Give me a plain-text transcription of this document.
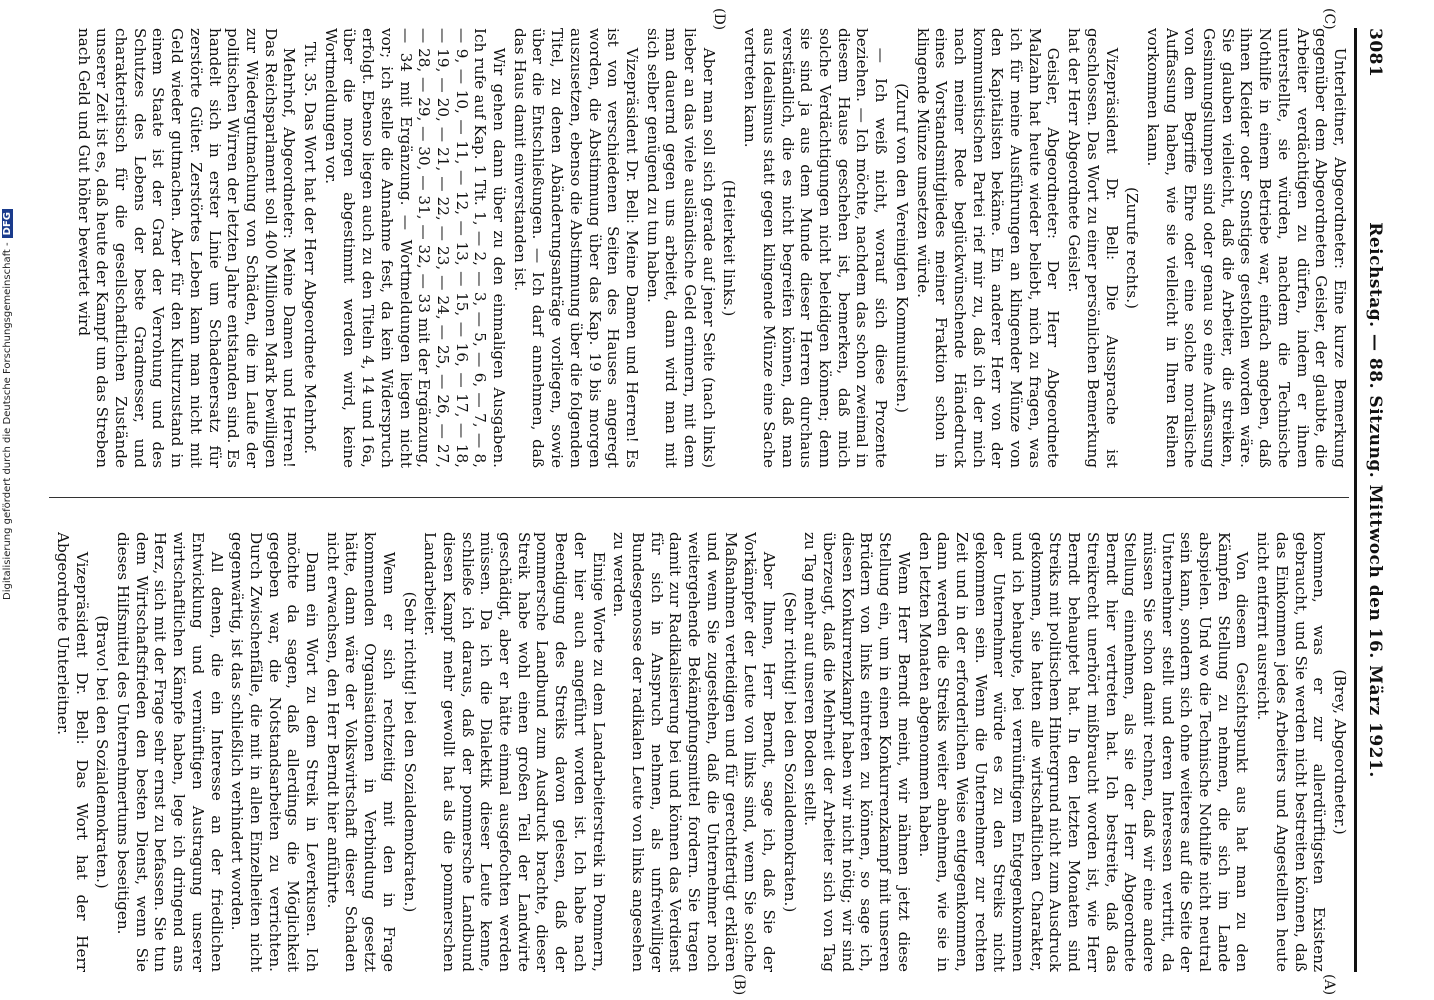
3081
Reichstag. — 88. Sitzung. Mittwoch den 16. März 1921.
(C)
(D)
(A)
(B)

Unterleitner, Abgeordneter: Eine kurze Bemerkung gegenüber dem Abgeordneten Geisler, der glaubte, die Arbeiter verdächtigen zu dürfen, indem er ihnen unterstellte, sie würden, nachdem die Technische Nothilfe in einem Betriebe war, einfach angeben, daß ihnen Kleider oder Sonstiges gestohlen worden wäre. Sie glauben vielleicht, daß die Arbeiter, die streiken, Gesinnungslumpen sind oder genau so eine Auffassung von dem Begriffe Ehre oder eine solche moralische Auffassung haben, wie sie vielleicht in Ihren Reihen vorkommen kann.

(Zurufe rechts.)

Vizepräsident Dr. Bell: Die Aussprache ist geschlossen. Das Wort zu einer persönlichen Bemerkung hat der Herr Abgeordnete Geisler.

Geisler, Abgeordneter: Der Herr Abgeordnete Malzahn hat heute wieder beliebt, mich zu fragen, was ich für meine Ausführungen an klingender Münze von den Kapitalisten bekäme. Ein anderer Herr von der kommunistischen Partei rief mir zu, daß ich der mich nach meiner Rede beglückwünschende Händedruck eines Vorstandsmitgliedes meiner Fraktion schon in klingende Münze umsetzen würde.

(Zuruf von den Vereinigten Kommunisten.)

— Ich weiß nicht, worauf sich diese Prozente beziehen. — Ich möchte, nachdem das schon zweimal in diesem Hause geschehen ist, bemerken, daß mich solche Verdächtigungen nicht beleidigen können; denn sie sind ja aus dem Munde dieser Herren durchaus verständlich, die es nicht begreifen können, daß man aus Idealismus statt gegen klingende Münze eine Sache vertreten kann.

(Heiterkeit links.)

Aber man soll sich gerade auf jener Seite (nach links) lieber an das viele ausländische Geld erinnern, mit dem man dauernd gegen uns arbeitet, dann wird man mit sich selber genügend zu tun haben.

Vizepräsident Dr. Bell: Meine Damen und Herren! Es ist von verschiedenen Seiten des Hauses angeregt worden, die Abstimmung über das Kap. 19 bis morgen auszusetzen, ebenso die Abstimmung über die folgenden Titel, zu denen Abänderungsanträge vorliegen, sowie über die Entschließungen. — Ich darf annehmen, daß das Haus damit einverstanden ist.

Wir gehen dann über zu den einmaligen Ausgaben. Ich rufe auf Kap. 1 Tit. 1, — 2, — 3, — 5, — 6, — 7, — 8, — 9, — 10, — 11, — 12, — 13, — 15, — 16, — 17, — 18, — 19, — 20, — 21, — 22, — 23, — 24, — 25, — 26, — 27, — 28, — 29, — 30, — 31, — 32, — 33 mit der Ergänzung, — 34 mit Ergänzung. — Wortmeldungen liegen nicht vor; ich stelle die Annahme fest, da kein Widerspruch erfolgt. Ebenso liegen auch zu den Titeln 4, 14 und 16a, über die morgen abgestimmt werden wird, keine Wortmeldungen vor.

Tit. 35. Das Wort hat der Herr Abgeordnete Mehrhof.

Mehrhof, Abgeordneter: Meine Damen und Herren! Das Reichsparlament soll 400 Millionen Mark bewilligen zur Wiedergutmachung von Schäden, die im Laufe der politischen Wirren der letzten Jahre entstanden sind. Es handelt sich in erster Linie um Schadenersatz für zerstörte Güter. Zerstörtes Leben kann man nicht mit Geld wieder gutmachen. Aber für den Kulturzustand in einem Staate ist der Grad der Verrohung und des Schutzes des Lebens der beste Gradmesser, und charakteristisch für die gesellschaftlichen Zustände unserer Zeit ist es, daß heute der Kampf um das Streben nach Geld und Gut höher bewertet wird

(Brey, Abgeordneter.)

kommen, was er zur allerdürftigsten Existenz gebraucht, und Sie werden nicht bestreiten können, daß das Einkommen jedes Arbeiters und Angestellten heute nicht entfernt ausreicht.

Von diesem Gesichtspunkt aus hat man zu den Kämpfen Stellung zu nehmen, die sich im Lande abspielen. Und wo die Technische Nothilfe nicht neutral sein kann, sondern sich ohne weiteres auf die Seite der Unternehmer stellt und deren Interessen vertritt, da müssen Sie schon damit rechnen, daß wir eine andere Stellung einnehmen, als sie der Herr Abgeordnete Berndt hier vertreten hat. Ich bestreite, daß das Streikrecht unerhört mißbraucht worden ist, wie Herr Berndt behauptet hat. In den letzten Monaten sind Streiks mit politischem Hintergrund nicht zum Ausdruck gekommen, sie hatten alle wirtschaftlichen Charakter, und ich behaupte, bei vernünftigem Entgegenkommen der Unternehmer würde es zu den Streiks nicht gekommen sein. Wenn die Unternehmer zur rechten Zeit und in der erforderlichen Weise entgegenkommen, dann werden die Streiks weiter abnehmen, wie sie in den letzten Monaten abgenommen haben.

Wenn Herr Berndt meint, wir nähmen jetzt diese Stellung ein, um in einen Konkurrenzkampf mit unseren Brüdern von links eintreten zu können, so sage ich, diesen Konkurrenzkampf haben wir nicht nötig; wir sind überzeugt, daß die Mehrheit der Arbeiter sich von Tag zu Tag mehr auf unseren Boden stellt.

(Sehr richtig! bei den Sozialdemokraten.)

Aber Ihnen, Herr Berndt, sage ich, daß Sie der Vorkämpfer der Leute von links sind, wenn Sie solche Maßnahmen verteidigen und für gerechtfertigt erklären und wenn Sie zugestehen, daß die Unternehmer noch weitergehende Bekämpfungsmittel fordern. Sie tragen damit zur Radikalisierung bei und können das Verdienst für sich in Anspruch nehmen, als unfreiwilliger Bundesgenosse der radikalen Leute von links angesehen zu werden.

Einige Worte zu dem Landarbeiterstreik in Pommern, der hier auch angeführt worden ist. Ich habe nach Beendigung des Streiks davon gelesen, daß der pommersche Landbund zum Ausdruck brachte, dieser Streik habe wohl einen großen Teil der Landwirte geschädigt, aber er hätte einmal ausgefochten werden müssen. Da ich die Dialektik dieser Leute kenne, schließe ich daraus, daß der pommersche Landbund diesen Kampf mehr gewollt hat als die pommerschen Landarbeiter.

(Sehr richtig! bei den Sozialdemokraten.)

Wenn er sich rechtzeitig mit den in Frage kommenden Organisationen in Verbindung gesetzt hätte, dann wäre der Volkswirtschaft dieser Schaden nicht erwachsen, den Herr Berndt hier anführte.

Dann ein Wort zu dem Streik in Leverkusen. Ich möchte da sagen, daß allerdings die Möglichkeit gegeben war, die Notstandsarbeiten zu verrichten. Durch Zwischenfälle, die mit in allen Einzelheiten nicht gegenwärtig, ist das schließlich verhindert worden.

All denen, die ein Interesse an der friedlichen Entwicklung und vernünftigen Austragung unserer wirtschaftlichen Kämpfe haben, lege ich dringend ans Herz, sich mit der Frage sehr ernst zu befassen. Sie tun dem Wirtschaftsfrieden den besten Dienst, wenn Sie dieses Hilfsmittel des Unternehmertums beseitigen.

(Bravo! bei den Sozialdemokraten.)

Vizepräsident Dr. Bell: Das Wort hat der Herr Abgeordnete Unterleitner.

Digitalisierung gefördert durch die Deutsche Forschungsgemeinschaft -DFG
